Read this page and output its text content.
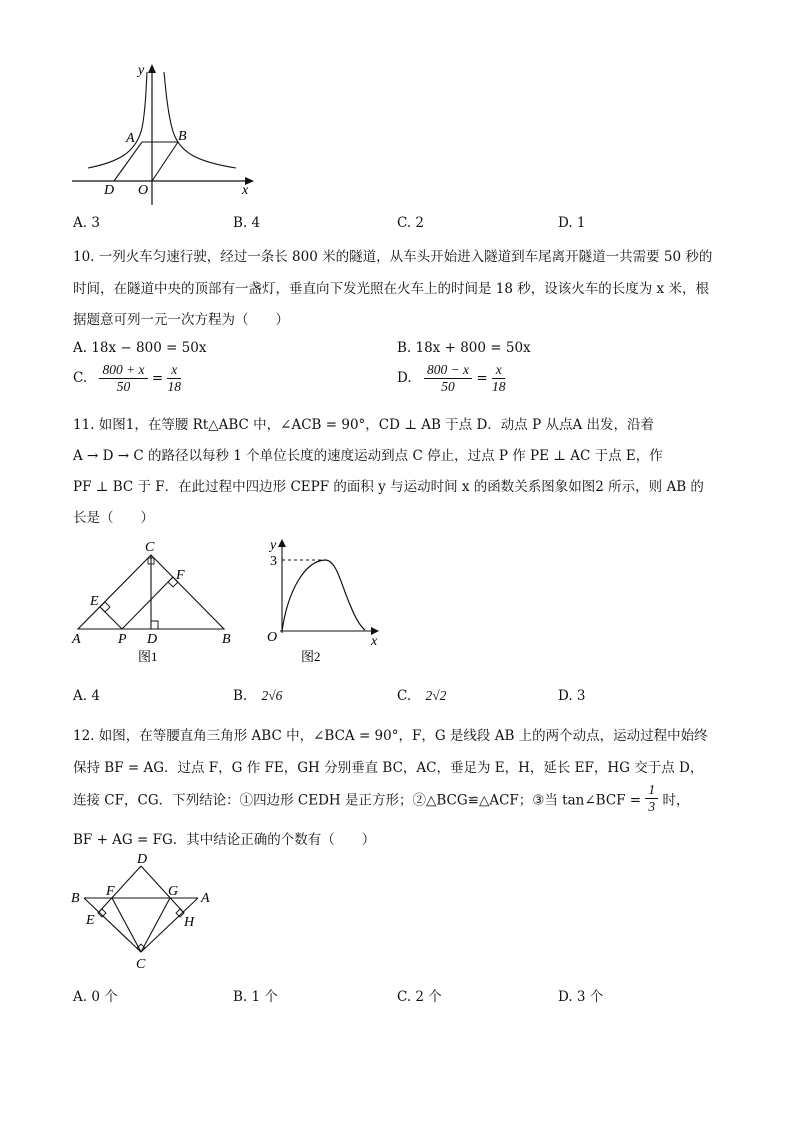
y
x
A	B
D O
A. 3	B. 4	C. 2	D. 1
10. 一列火车匀速行驶，经过一条长 800 米的隧道，从车头开始进入隧道到车尾离开隧道一共需要 50 秒的
时间，在隧道中央的顶部有一盏灯，垂直向下发光照在火车上的时间是 18 秒，设该火车的长度为 x 米，根
据题意可列一元一次方程为（　　）
A. 18x − 800 = 50x	B. 18x + 800 = 50x
C. $\frac{800 + x}{50} = \frac{x}{18}$	D. $\frac{800 - x}{50} = \frac{x}{18}$
11. 如图1，在等腰 Rt△ABC 中，∠ACB = 90°，CD ⊥ AB 于点 D．动点 P 从点A 出发，沿着
A → D → C 的路径以每秒 1 个单位长度的速度运动到点 C 停止，过点 P 作 PE ⊥ AC 于点 E，作
PF ⊥ BC 于 F．在此过程中四边形 CEPF 的面积 y 与运动时间 x 的函数关系图象如图2 所示，则 AB 的
长是（　　）
C
F
E
A	P D	B
图1
y
3
O	x
图2
A. 4	B. 2√6	C. 2√2	D. 3
12. 如图，在等腰直角三角形 ABC 中，∠BCA = 90°，F，G 是线段 AB 上的两个动点，运动过程中始终
保持 BF = AG．过点 F，G 作 FE，GH 分别垂直 BC，AC，垂足为 E，H，延长 EF，HG 交于点 D，
连接 CF，CG．下列结论：①四边形 CEDH 是正方形；②△BCG≌△ACF；③当 tan∠BCF = $\frac{1}{3}$ 时，
BF + AG = FG．其中结论正确的个数有（　　）
D
B F	G A
E	H
C
A. 0 个	B. 1 个	C. 2 个	D. 3 个
